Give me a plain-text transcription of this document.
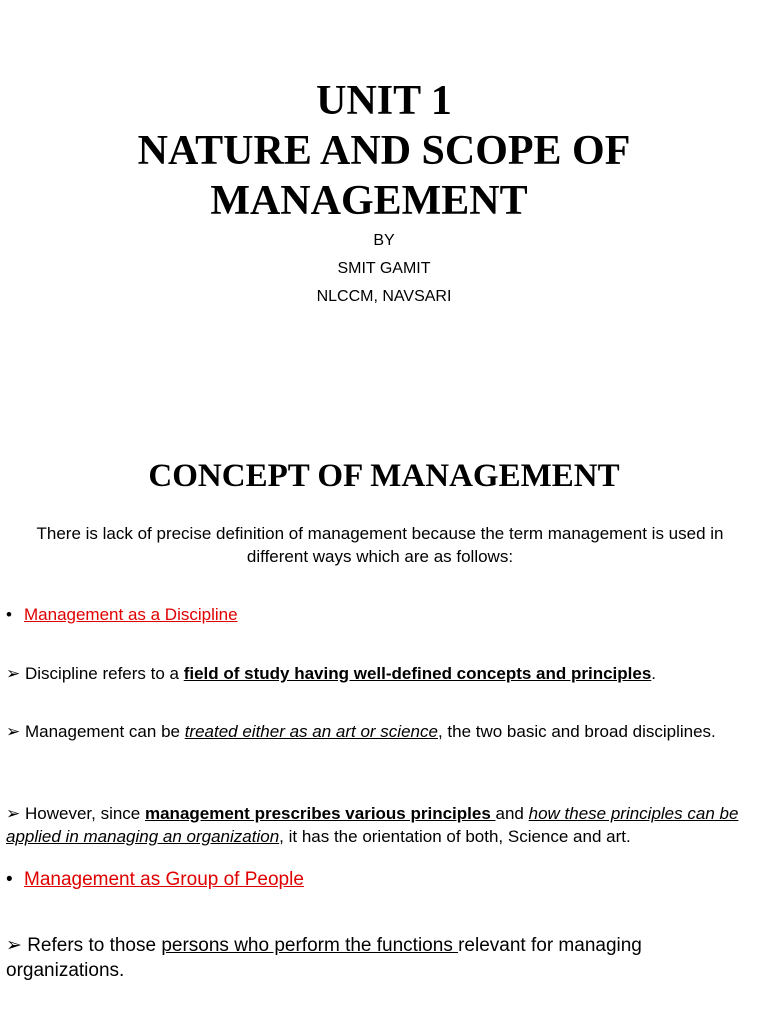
UNIT 1

NATURE AND SCOPE OF

MANAGEMENT

BY

SMIT GAMIT

NLCCM, NAVSARI

CONCEPT OF MANAGEMENT

There is lack of precise definition of management because the term management is used in different ways which are as follows:

• Management as a Discipline

➢ Discipline refers to a field of study having well-defined concepts and principles.

➢ Management can be treated either as an art or science, the two basic and broad disciplines.

➢ However, since management prescribes various principles and how these principles can be applied in managing an organization, it has the orientation of both, Science and art.

• Management as Group of People

➢ Refers to those persons who perform the functions relevant for managing organizations.
